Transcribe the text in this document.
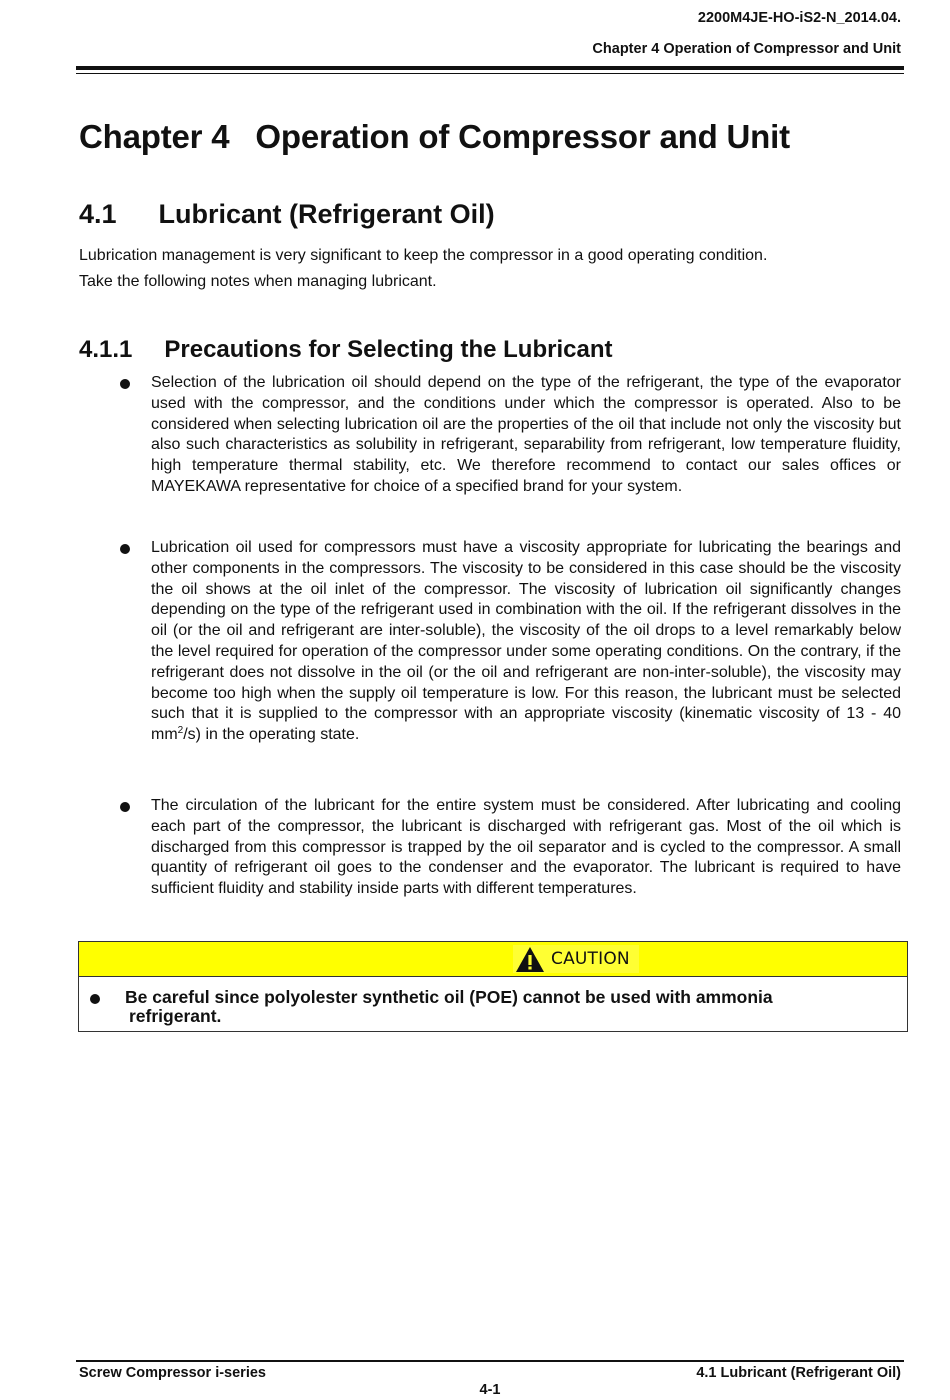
2200M4JE-HO-iS2-N_2014.04.
Chapter 4 Operation of Compressor and Unit
Chapter 4 Operation of Compressor and Unit
4.1 Lubricant (Refrigerant Oil)

Lubrication management is very significant to keep the compressor in a good operating condition.

Take the following notes when managing lubricant.

4.1.1 Precautions for Selecting the Lubricant
Selection of the lubrication oil should depend on the type of the refrigerant, the type of the evaporator used with the compressor, and the conditions under which the compressor is operated. Also to be considered when selecting lubrication oil are the properties of the oil that include not only the viscosity but also such characteristics as solubility in refrigerant, separability from refrigerant, low temperature fluidity, high temperature thermal stability, etc. We therefore recommend to contact our sales offices or MAYEKAWA representative for choice of a specified brand for your system.
Lubrication oil used for compressors must have a viscosity appropriate for lubricating the bearings and other components in the compressors. The viscosity to be considered in this case should be the viscosity the oil shows at the oil inlet of the compressor. The viscosity of lubrication oil significantly changes depending on the type of the refrigerant used in combination with the oil. If the refrigerant dissolves in the oil (or the oil and refrigerant are inter-soluble), the viscosity of the oil drops to a level remarkably below the level required for operation of the compressor under some operating conditions. On the contrary, if the refrigerant does not dissolve in the oil (or the oil and refrigerant are non-inter-soluble), the viscosity may become too high when the supply oil temperature is low. For this reason, the lubricant must be selected such that it is supplied to the compressor with an appropriate viscosity (kinematic viscosity of 13 - 40 $mm^2/s$) in the operating state.
The circulation of the lubricant for the entire system must be considered. After lubricating and cooling each part of the compressor, the lubricant is discharged with refrigerant gas. Most of the oil which is discharged from this compressor is trapped by the oil separator and is cycled to the compressor. A small quantity of refrigerant oil goes to the condenser and the evaporator. The lubricant is required to have sufficient fluidity and stability inside parts with different temperatures.
CAUTION
Be careful since polyolester synthetic oil (POE) cannot be used with ammonia
refrigerant.
Screw Compressor i-series	4.1 Lubricant (Refrigerant Oil)
4-1
